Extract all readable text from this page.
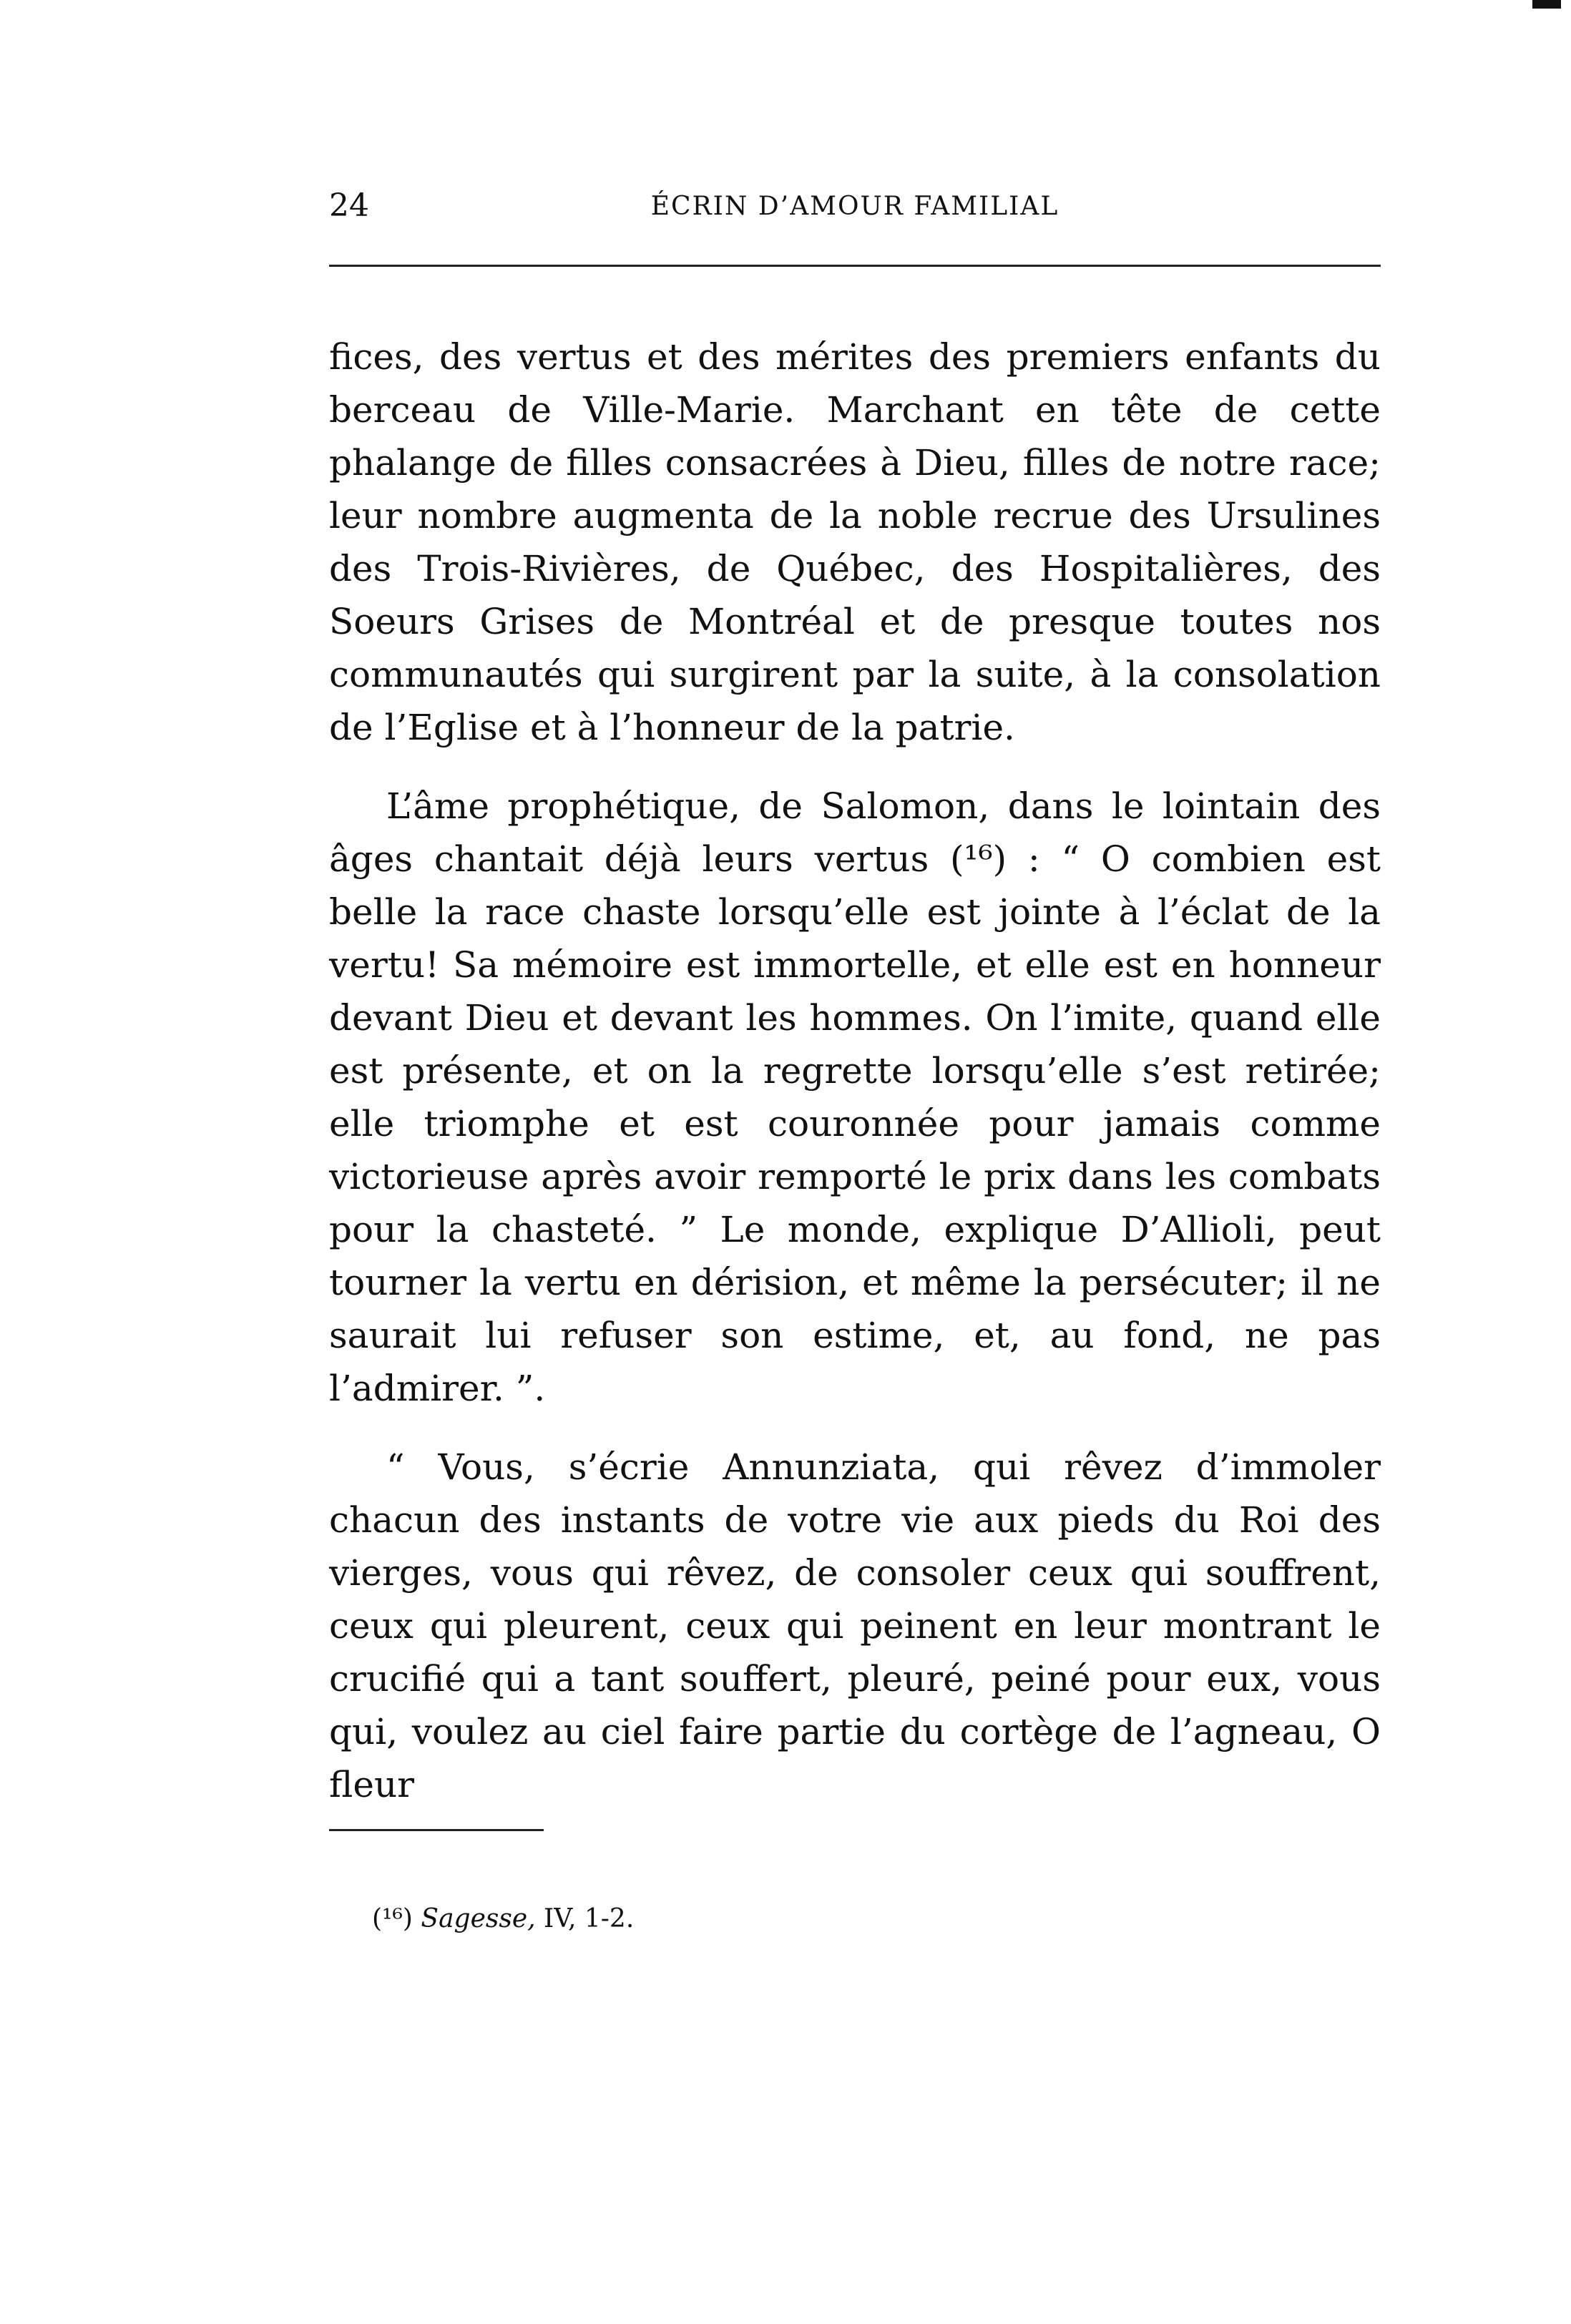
24	ÉCRIN D’AMOUR FAMILIAL

fices, des vertus et des mérites des premiers enfants du berceau de Ville-Marie. Marchant en tête de cette phalange de filles consacrées à Dieu, filles de notre race; leur nombre augmenta de la noble recrue des Ursulines des Trois-Rivières, de Québec, des Hospitalières, des Soeurs Grises de Montréal et de presque toutes nos communautés qui surgirent par la suite, à la consolation de l’Eglise et à l’honneur de la patrie.

L’âme prophétique, de Salomon, dans le lointain des âges chantait déjà leurs vertus (¹⁶) : “ O combien est belle la race chaste lorsqu’elle est jointe à l’éclat de la vertu! Sa mémoire est immortelle, et elle est en honneur devant Dieu et devant les hommes. On l’imite, quand elle est présente, et on la regrette lorsqu’elle s’est retirée; elle triomphe et est couronnée pour jamais comme victorieuse après avoir remporté le prix dans les combats pour la chasteté. ” Le monde, explique D’Allioli, peut tourner la vertu en dérision, et même la persécuter; il ne saurait lui refuser son estime, et, au fond, ne pas l’admirer. ”.

“ Vous, s’écrie Annunziata, qui rêvez d’immoler chacun des instants de votre vie aux pieds du Roi des vierges, vous qui rêvez, de consoler ceux qui souffrent, ceux qui pleurent, ceux qui peinent en leur montrant le crucifié qui a tant souffert, pleuré, peiné pour eux, vous qui, voulez au ciel faire partie du cortège de l’agneau, O fleur

(¹⁶) Sagesse, IV, 1-2.
